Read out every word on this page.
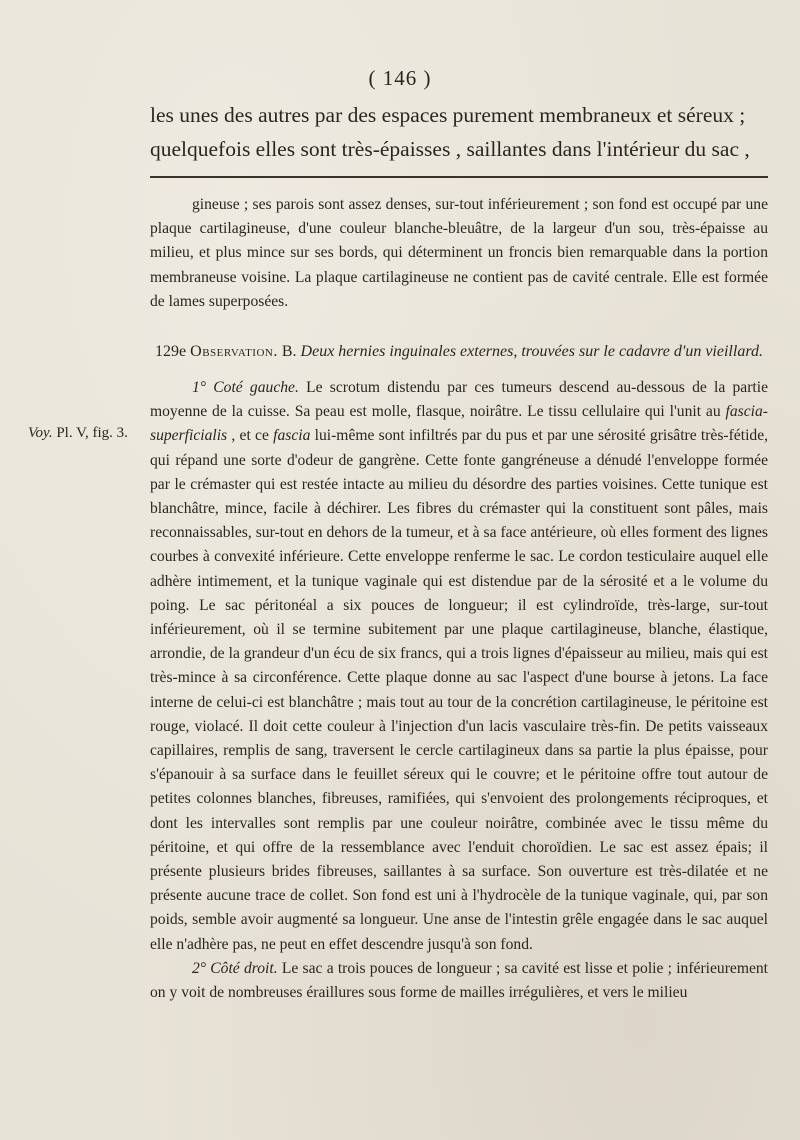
( 146 )
les unes des autres par des espaces purement membraneux et séreux ; quelquefois elles sont très-épaisses , saillantes dans l'intérieur du sac ,
Voy. Pl. V, fig. 3.

gineuse ; ses parois sont assez denses, sur-tout inférieurement ; son fond est occupé par une plaque cartilagineuse, d'une couleur blanche-bleuâtre, de la largeur d'un sou, très-épaisse au milieu, et plus mince sur ses bords, qui déterminent un froncis bien remarquable dans la portion membraneuse voisine. La plaque cartilagineuse ne contient pas de cavité centrale. Elle est formée de lames superposées.

129e Observation. B. Deux hernies inguinales externes, trouvées sur le cadavre d'un vieillard.

1° Coté gauche. Le scrotum distendu par ces tumeurs descend au-dessous de la partie moyenne de la cuisse. Sa peau est molle, flasque, noirâtre. Le tissu cellulaire qui l'unit au fascia-superficialis , et ce fascia lui-même sont infiltrés par du pus et par une sérosité grisâtre très-fétide, qui répand une sorte d'odeur de gangrène. Cette fonte gangréneuse a dénudé l'enveloppe formée par le crémaster qui est restée intacte au milieu du désordre des parties voisines. Cette tunique est blanchâtre, mince, facile à déchirer. Les fibres du crémaster qui la constituent sont pâles, mais reconnaissables, sur-tout en dehors de la tumeur, et à sa face antérieure, où elles forment des lignes courbes à convexité inférieure. Cette enveloppe renferme le sac. Le cordon testiculaire auquel elle adhère intimement, et la tunique vaginale qui est distendue par de la sérosité et a le volume du poing. Le sac péritonéal a six pouces de longueur; il est cylindroïde, très-large, sur-tout inférieurement, où il se termine subitement par une plaque cartilagineuse, blanche, élastique, arrondie, de la grandeur d'un écu de six francs, qui a trois lignes d'épaisseur au milieu, mais qui est très-mince à sa circonférence. Cette plaque donne au sac l'aspect d'une bourse à jetons. La face interne de celui-ci est blanchâtre ; mais tout au tour de la concrétion cartilagineuse, le péritoine est rouge, violacé. Il doit cette couleur à l'injection d'un lacis vasculaire très-fin. De petits vaisseaux capillaires, remplis de sang, traversent le cercle cartilagineux dans sa partie la plus épaisse, pour s'épanouir à sa surface dans le feuillet séreux qui le couvre; et le péritoine offre tout autour de petites colonnes blanches, fibreuses, ramifiées, qui s'envoient des prolongements réciproques, et dont les intervalles sont remplis par une couleur noirâtre, combinée avec le tissu même du péritoine, et qui offre de la ressemblance avec l'enduit choroïdien. Le sac est assez épais; il présente plusieurs brides fibreuses, saillantes à sa surface. Son ouverture est très-dilatée et ne présente aucune trace de collet. Son fond est uni à l'hydrocèle de la tunique vaginale, qui, par son poids, semble avoir augmenté sa longueur. Une anse de l'intestin grêle engagée dans le sac auquel elle n'adhère pas, ne peut en effet descendre jusqu'à son fond.

2° Côté droit. Le sac a trois pouces de longueur ; sa cavité est lisse et polie ; inférieurement on y voit de nombreuses éraillures sous forme de mailles irrégulières, et vers le milieu
